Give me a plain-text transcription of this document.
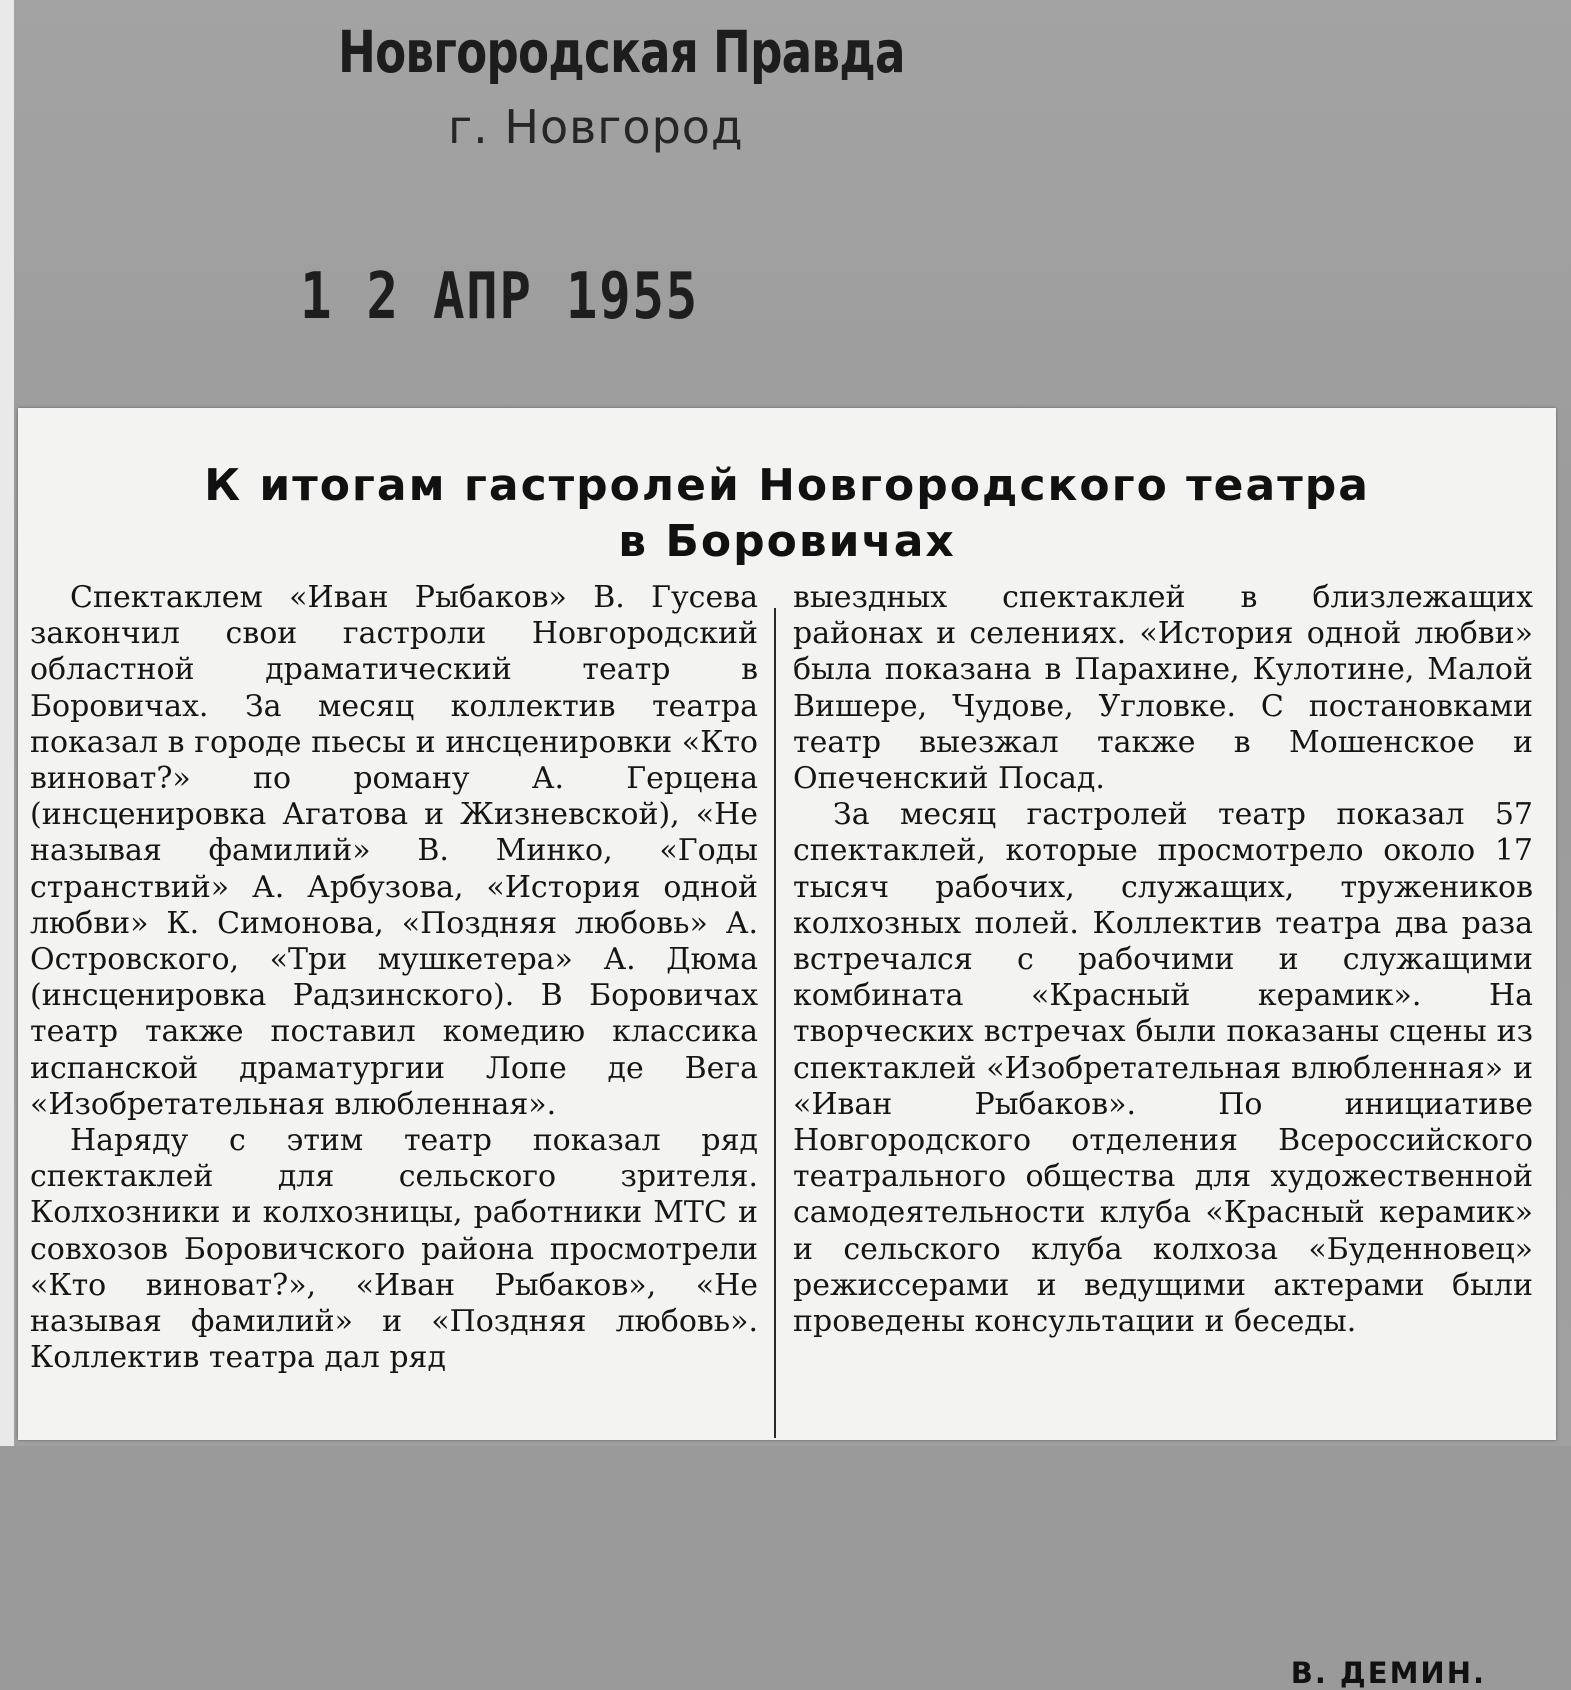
Новгородская Правда
г. Новгород
1 2 АПР 1955
К итогам гастролей Новгородского театра
в Боровичах

Спектаклем «Иван Рыбаков» В. Гусева закончил свои гастроли Новгородский областной драматический театр в Боровичах. За месяц коллектив театра показал в городе пьесы и инсценировки «Кто виноват?» по роману А. Герцена (инсценировка Агатова и Жизневской), «Не называя фамилий» В. Минко, «Годы странствий» А. Арбузова, «История одной любви» К. Симонова, «Поздняя любовь» А. Островского, «Три мушкетера» А. Дюма (инсценировка Радзинского). В Боровичах театр также поставил комедию классика испанской драматургии Лопе де Вега «Изобретательная влюбленная».

Наряду с этим театр показал ряд спектаклей для сельского зрителя. Колхозники и колхозницы, работники МТС и совхозов Боровичского района просмотрели «Кто виноват?», «Иван Рыбаков», «Не называя фамилий» и «Поздняя любовь». Коллектив театра дал ряд

выездных спектаклей в близлежащих районах и селениях. «История одной любви» была показана в Парахине, Кулотине, Малой Вишере, Чудове, Угловке. С постановками театр выезжал также в Мошенское и Опеченский Посад.

За месяц гастролей театр показал 57 спектаклей, которые просмотрело около 17 тысяч рабочих, служащих, тружеников колхозных полей. Коллектив театра два раза встречался с рабочими и служащими комбината «Красный керамик». На творческих встречах были показаны сцены из спектаклей «Изобретательная влюбленная» и «Иван Рыбаков». По инициативе Новгородского отделения Всероссийского театрального общества для художественной самодеятельности клуба «Красный керамик» и сельского клуба колхоза «Буденновец» режиссерами и ведущими актерами были проведены консультации и беседы.

В. ДЕМИН.
